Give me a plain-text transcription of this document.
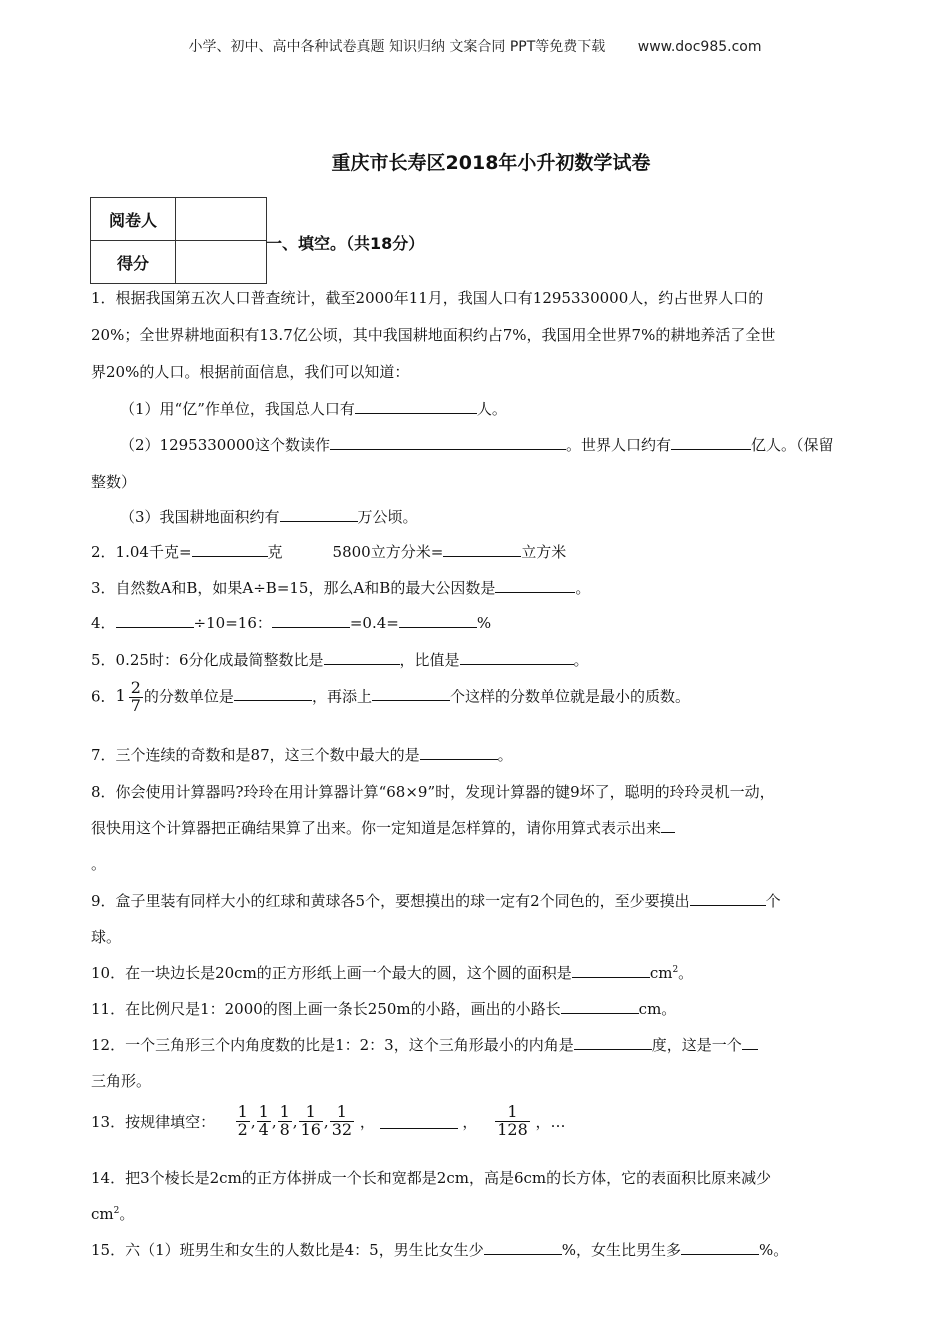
小学、初中、高中各种试卷真题 知识归纳 文案合同 PPT等免费下载 www.doc985.com
重庆市长寿区2018年小升初数学试卷
阅卷人	
得分	
一、填空。（共18分）
1．根据我国第五次人口普查统计，截至2000年11月，我国人口有1295330000人，约占世界人口的
20%；全世界耕地面积有13.7亿公顷，其中我国耕地面积约占7%，我国用全世界7%的耕地养活了全世
界20%的人口。根据前面信息，我们可以知道：
（1）用“亿”作单位，我国总人口有	人。
（2）1295330000这个数读作	。世界人口约有	亿人。（保留
整数）
（3）我国耕地面积约有	万公顷。
2．1.04千克=	克	5800立方分米=	立方米
3．自然数A和B，如果A÷B=15，那么A和B的最大公因数是	。
4．	÷10=16：	=0.4=	%
5．0.25时：6分化成最简整数比是	，比值是	。
6．$1 \frac{2}{7}$ 的分数单位是	，再添上	个这样的分数单位就是最小的质数。
7．三个连续的奇数和是87，这三个数中最大的是	。
8．你会使用计算器吗?玲玲在用计算器计算“68×9”时，发现计算器的键9坏了，聪明的玲玲灵机一动，
很快用这个计算器把正确结果算了出来。你一定知道是怎样算的，请你用算式表示出来
。
9．盒子里装有同样大小的红球和黄球各5个，要想摸出的球一定有2个同色的，至少要摸出	个
球。
10．在一块边长是20cm的正方形纸上画一个最大的圆，这个圆的面积是	$cm^2$。
11．在比例尺是1：2000的图上画一条长250m的小路，画出的小路长	cm。
12．一个三角形三个内角度数的比是1：2：3，这个三角形最小的内角是	度，这是一个
三角形。
13．按规律填空： $\frac{1}{2}$ , $\frac{1}{4}$ , $\frac{1}{8}$ , $\frac{1}{16}$ , $\frac{1}{32}$ ，	， $\frac{1}{128}$ ，…
14．把3个棱长是2cm的正方体拼成一个长和宽都是2cm，高是6cm的长方体，它的表面积比原来减少
$cm^2$。
15．六（1）班男生和女生的人数比是4：5，男生比女生少	%，女生比男生多	%。
